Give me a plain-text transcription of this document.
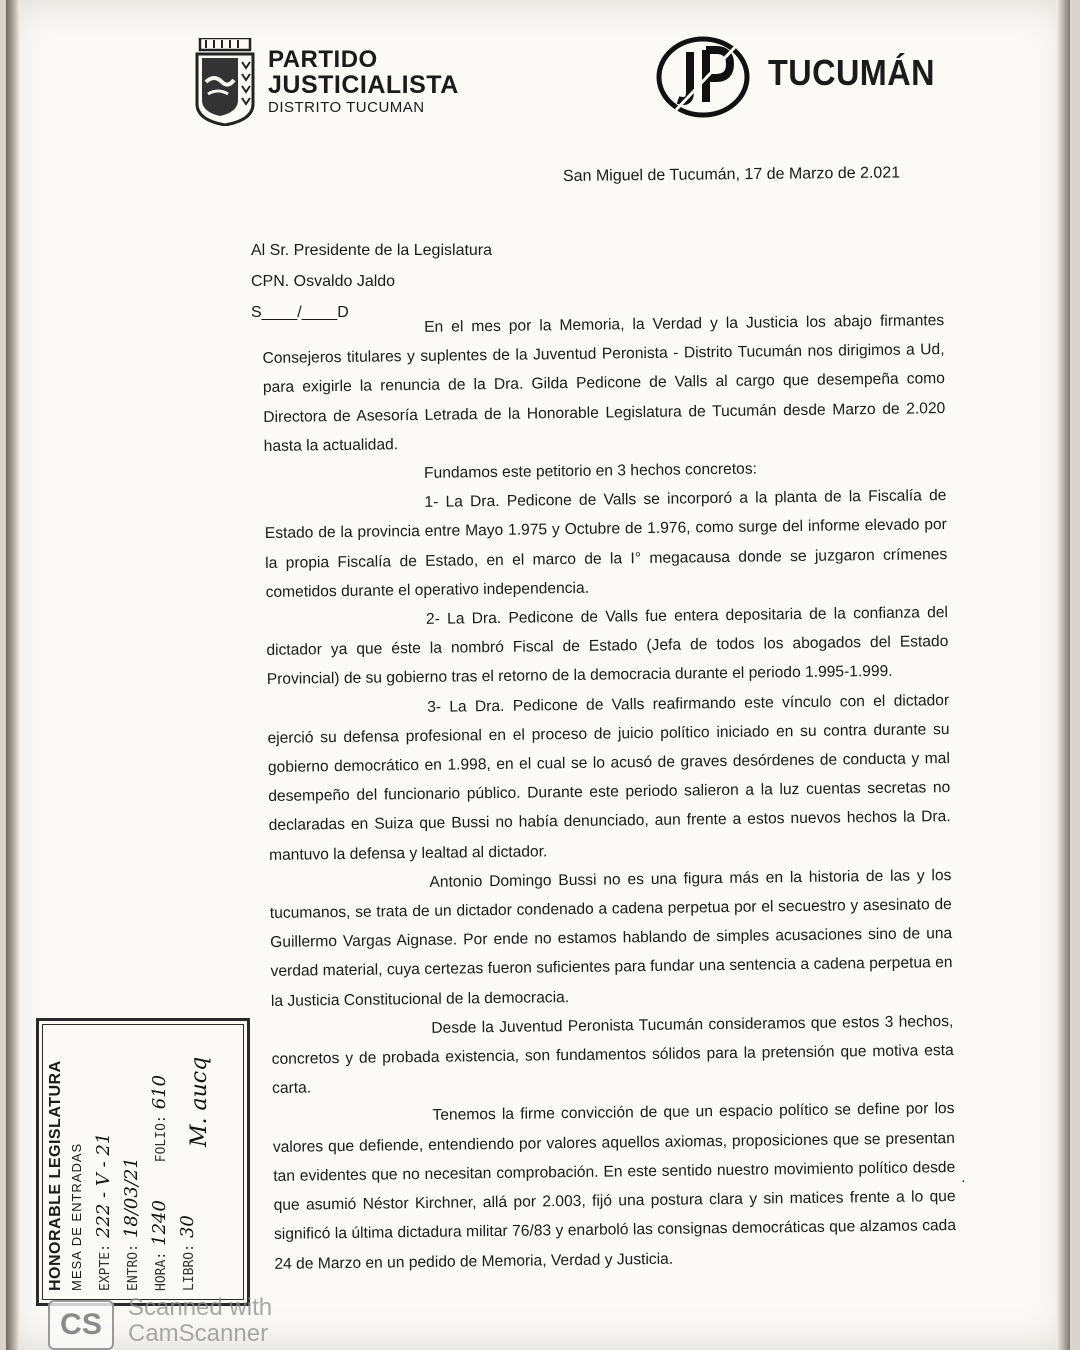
PARTIDO
JUSTICIALISTA
DISTRITO TUCUMAN
TUCUMÁN
San Miguel de Tucumán, 17 de Marzo de 2.021
Al Sr. Presidente de la Legislatura
CPN. Osvaldo Jaldo
S____/____D	En el mes por la Memoria, la Verdad y la Justicia los abajo firmantes Consejeros titulares y suplentes de la Juventud Peronista - Distrito Tucumán nos dirigimos a Ud, para exigirle la renuncia de la Dra. Gilda Pedicone de Valls al cargo que desempeña como Directora de Asesoría Letrada de la Honorable Legislatura de Tucumán desde Marzo de 2.020 hasta la actualidad.

Fundamos este petitorio en 3 hechos concretos:

1- La Dra. Pedicone de Valls se incorporó a la planta de la Fiscalía de Estado de la provincia entre Mayo 1.975 y Octubre de 1.976, como surge del informe elevado por la propia Fiscalía de Estado, en el marco de la I° megacausa donde se juzgaron crímenes cometidos durante el operativo independencia.

2- La Dra. Pedicone de Valls fue entera depositaria de la confianza del dictador ya que éste la nombró Fiscal de Estado (Jefa de todos los abogados del Estado Provincial) de su gobierno tras el retorno de la democracia durante el periodo 1.995-1.999.

3- La Dra. Pedicone de Valls reafirmando este vínculo con el dictador ejerció su defensa profesional en el proceso de juicio político iniciado en su contra durante su gobierno democrático en 1.998, en el cual se lo acusó de graves desórdenes de conducta y mal desempeño del funcionario público. Durante este periodo salieron a la luz cuentas secretas no declaradas en Suiza que Bussi no había denunciado, aun frente a estos nuevos hechos la Dra. mantuvo la defensa y lealtad al dictador.

Antonio Domingo Bussi no es una figura más en la historia de las y los tucumanos, se trata de un dictador condenado a cadena perpetua por el secuestro y asesinato de Guillermo Vargas Aignase. Por ende no estamos hablando de simples acusaciones sino de una verdad material, cuya certezas fueron suficientes para fundar una sentencia a cadena perpetua en la Justicia Constitucional de la democracia.

Desde la Juventud Peronista Tucumán consideramos que estos 3 hechos, concretos y de probada existencia, son fundamentos sólidos para la pretensión que motiva esta carta.

Tenemos la firme convicción de que un espacio político se define por los valores que defiende, entendiendo por valores aquellos axiomas, proposiciones que se presentan tan evidentes que no necesitan comprobación. En este sentido nuestro movimiento político desde que asumió Néstor Kirchner, allá por 2.003, fijó una postura clara y sin matices frente a lo que significó la última dictadura militar 76/83 y enarboló las consignas democráticas que alzamos cada 24 de Marzo en un pedido de Memoria, Verdad y Justicia.

·
HONORABLE LEGISLATURA MESA DE ENTRADAS	EXPTE:222 - V - 21
ENTRO:18/03/21
HORA:1240 FOLIO:610
LIBRO:30
M. aucq
CS
Scanned with
CamScanner
